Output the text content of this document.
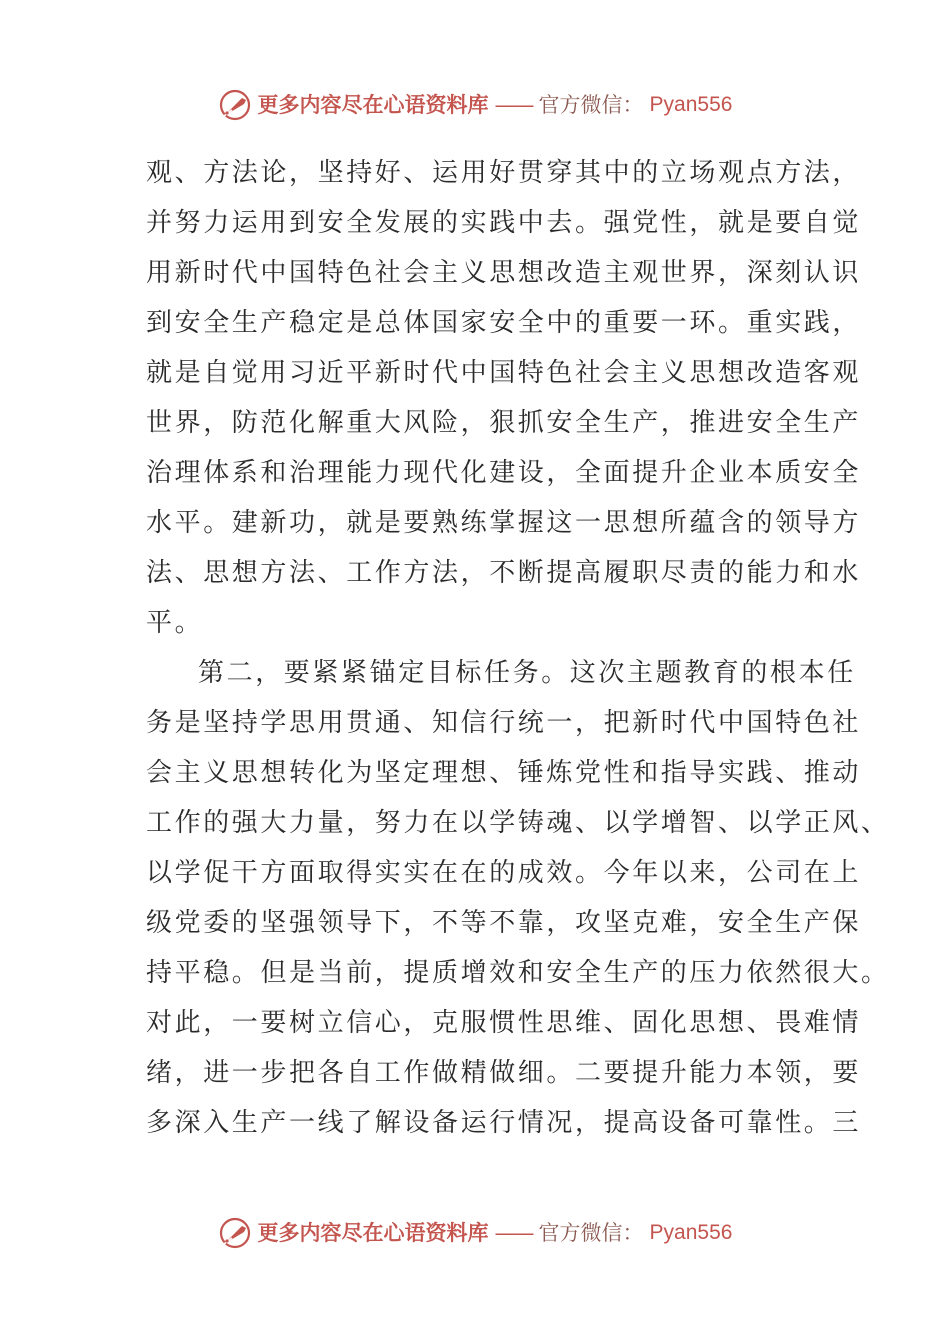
更多内容尽在心语资料库 —— 官方微信： Pyan556
观、方法论，坚持好、运用好贯穿其中的立场观点方法，
并努力运用到安全发展的实践中去。强党性，就是要自觉
用新时代中国特色社会主义思想改造主观世界，深刻认识
到安全生产稳定是总体国家安全中的重要一环。重实践，
就是自觉用习近平新时代中国特色社会主义思想改造客观
世界，防范化解重大风险，狠抓安全生产，推进安全生产
治理体系和治理能力现代化建设，全面提升企业本质安全
水平。建新功，就是要熟练掌握这一思想所蕴含的领导方
法、思想方法、工作方法，不断提高履职尽责的能力和水
平。
第二，要紧紧锚定目标任务。这次主题教育的根本任
务是坚持学思用贯通、知信行统一，把新时代中国特色社
会主义思想转化为坚定理想、锤炼党性和指导实践、推动
工作的强大力量，努力在以学铸魂、以学增智、以学正风、
以学促干方面取得实实在在的成效。今年以来，公司在上
级党委的坚强领导下，不等不靠，攻坚克难，安全生产保
持平稳。但是当前，提质增效和安全生产的压力依然很大。
对此，一要树立信心，克服惯性思维、固化思想、畏难情
绪，进一步把各自工作做精做细。二要提升能力本领，要
多深入生产一线了解设备运行情况，提高设备可靠性。三
更多内容尽在心语资料库 —— 官方微信： Pyan556
